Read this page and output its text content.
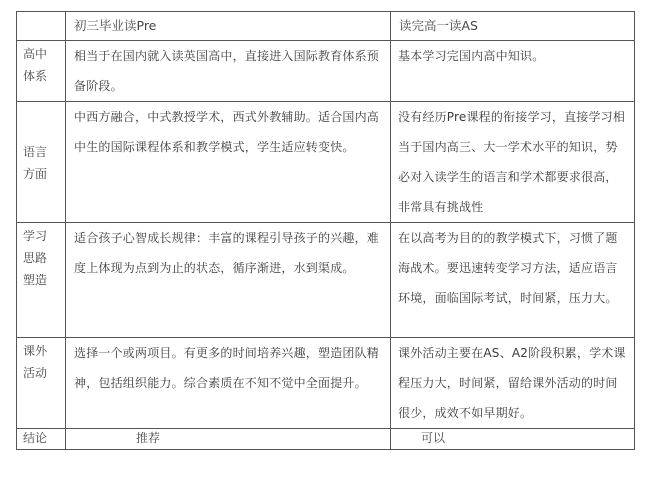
	初三毕业读Pre	读完高一读AS
高中
体系	相当于在国内就入读英国高中，直接进入国际教育体系预备阶段。	基本学习完国内高中知识。
语言
方面	中西方融合，中式教授学术，西式外教辅助。适合国内高中生的国际课程体系和教学模式，学生适应转变快。	没有经历Pre课程的衔接学习，直接学习相当于国内高三、大一学术水平的知识，势必对入读学生的语言和学术都要求很高，非常具有挑战性
学习
思路
塑造	适合孩子心智成长规律：丰富的课程引导孩子的兴趣，难度上体现为点到为止的状态，循序渐进，水到渠成。	在以高考为目的的教学模式下，习惯了题海战术。要迅速转变学习方法，适应语言环境，面临国际考试，时间紧，压力大。
课外
活动	选择一个或两项目。有更多的时间培养兴趣，塑造团队精神，包括组织能力。综合素质在不知不觉中全面提升。	课外活动主要在AS、A2阶段积累，学术课程压力大，时间紧，留给课外活动的时间很少，成效不如早期好。
结论	推荐	可以
